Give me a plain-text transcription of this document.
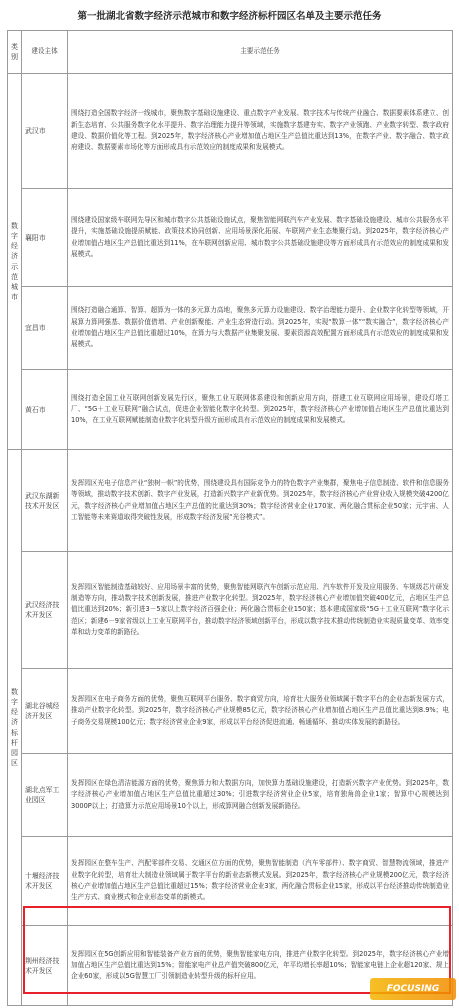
第一批湖北省数字经济示范城市和数字经济标杆园区名单及主要示范任务
类别	建设主体	主要示范任务

数字经济示范城市	武汉市	围绕打造全国数字经济一线城市，聚焦数字基础设施建设、重点数字产业发展、数字技术与传统产业融合、数据要素体系建立、创新生态培育、公共服务数字化水平提升、数字治理能力提升等领域，实施数字基建夯实、数字产业领跑、产业数字转型、数字政府建设、数据价值化等工程。到2025年，数字经济核心产业增加值占地区生产总值比重达到13%，在数字产业、数字融合、数字政府建设、数据要素市场化等方面形成具有示范效应的制度成果和发展模式。
	襄阳市	围绕建设国家级车联网先导区和城市数字公共基础设施试点，聚焦智能网联汽车产业发展、数字基础设施建设、城市公共服务水平提升，实施基础设施提质赋能、政策技术协同创新、应用场景深化拓展、车联网产业生态集聚行动。到2025年，数字经济核心产业增加值占地区生产总值比重达到11%，在车联网创新应用、城市数字公共基础设施建设等方面形成具有示范效应的制度成果和发展模式。
	宜昌市	围绕打造融合通算、智算、超算为一体的多元算力高地，聚焦多元算力设施建设、数字治理能力提升、企业数字化转型等领域，开展算力算网强基、数据价值借增、产业创新聚能、产业生态营造行动。到2025年，实现“数算一体”“数实融合”，数字经济核心产业增加值占地区生产总值比重超过10%，在算力与大数据产业集聚发展、要素资源高效配置方面形成具有示范效应的制度成果和发展模式。
	黄石市	围绕打造全国工业互联网创新发展先行区，聚焦工业互联网体系建设和创新应用方向，搭建工业互联网应用场景，建设灯塔工厂、“5G＋工业互联网”融合试点，促进企业智能化数字化转型。到2025年，数字经济核心产业增加值占地区生产总值比重达到10%，在工业互联网赋能制造业数字化转型升级方面形成具有示范效应的制度成果和发展模式。

数字经济标杆园区	武汉东湖新技术开发区	发挥园区光电子信息产业“独树一帜”的优势，围绕建设具有国际竞争力的特色数字产业集群，聚焦电子信息制造、软件和信息服务等领域，推动数字技术创新、数字产业发展，打造新兴数字产业新优势。到2025年，数字经济核心产业营业收入规模突破4200亿元，数字经济核心产业增加值占地区生产总值的比重达到30%；数字经济营业企业170家、两化融合贯标企业50家；元宇宙、人工智能等未来赛道取得突破性发展，形成数字经济发展“光谷模式”。
	武汉经济技术开发区	发挥园区智能制造基础较好、应用场景丰富的优势，聚焦智能网联汽车创新示范应用、汽车软件开发及应用服务、车规级芯片研发制造等方向，推动数字技术创新发展，推进产业数字化转型。到2025年，数字经济核心产业增加值突破400亿元，占地区生产总值比重达到20%；新引进3－5家以上数字经济百强企业；两化融合贯标企业150家；基本建成国家级“5G＋工业互联网”数字化示范区；新建6－9家省级以上工业互联网平台，推动数字经济领域创新平台，形成以数字技术推动传统制造业实现质量变革、效率变革和动力变革的新路径。
	湖北谷城经济开发区	发挥园区在电子商务方面的优势，聚焦互联网平台服务、数字商贸方向，培育壮大服务业领域属于数字平台的企业态新发展方式，推动产业数字化转型。到2025年，数字经济核心产业规模85亿元，数字经济核心产业增加值占地区生产总值比重达到8.9%；电子商务交易规模100亿元；数字经济营业企业9家，形成以平台经济促进流通、畅通循环、推动实体发展的新路径。
	湖北点军工业园区	发挥园区在绿色清洁能源方面的优势，聚焦算力和大数据方向，加快算力基础设施建设，打造新兴数字产业优势。到2025年，数字经济核心产业增加值占地区生产总值比重超过30%；引进数字经济营业企业5家，培育独角兽企业1家；智算中心规模达到3000P以上；打造算力示范应用场景10个以上，形成算网融合创新发展新路径。
	十堰经济技术开发区	发挥园区在整车生产、汽配零部件交易、交通区位方面的优势，聚焦智能制造（汽车零部件）、数字商贸、智慧物流领域，推进产业数字化转型，培育壮大制造业领域属于数字平台的新业态新模式发展。到2025年，数字经济核心产业规模200亿元，数字经济核心产业增加值占地区生产总值比重超过15%；数字经济营业企业3家，两化融合贯标企业15家，形成以平台经济推动传统制造业生产方式、商业模式和企业形态变革的新模式。
	荆州经济技术开发区	发挥园区在5G创新应用和智能装备产业方面的优势，聚焦智能家电方向，推进产业数字化转型。到2025年，数字经济核心产业增加值占地区生产总值比重达到15%；智能家电产业总产值突破800亿元，年平均增长率超10%；智能家电链上企业超120家、规上企业60家，形成以5G智慧工厂引领制造业转型升级的标杆应用。
FOCUSING
